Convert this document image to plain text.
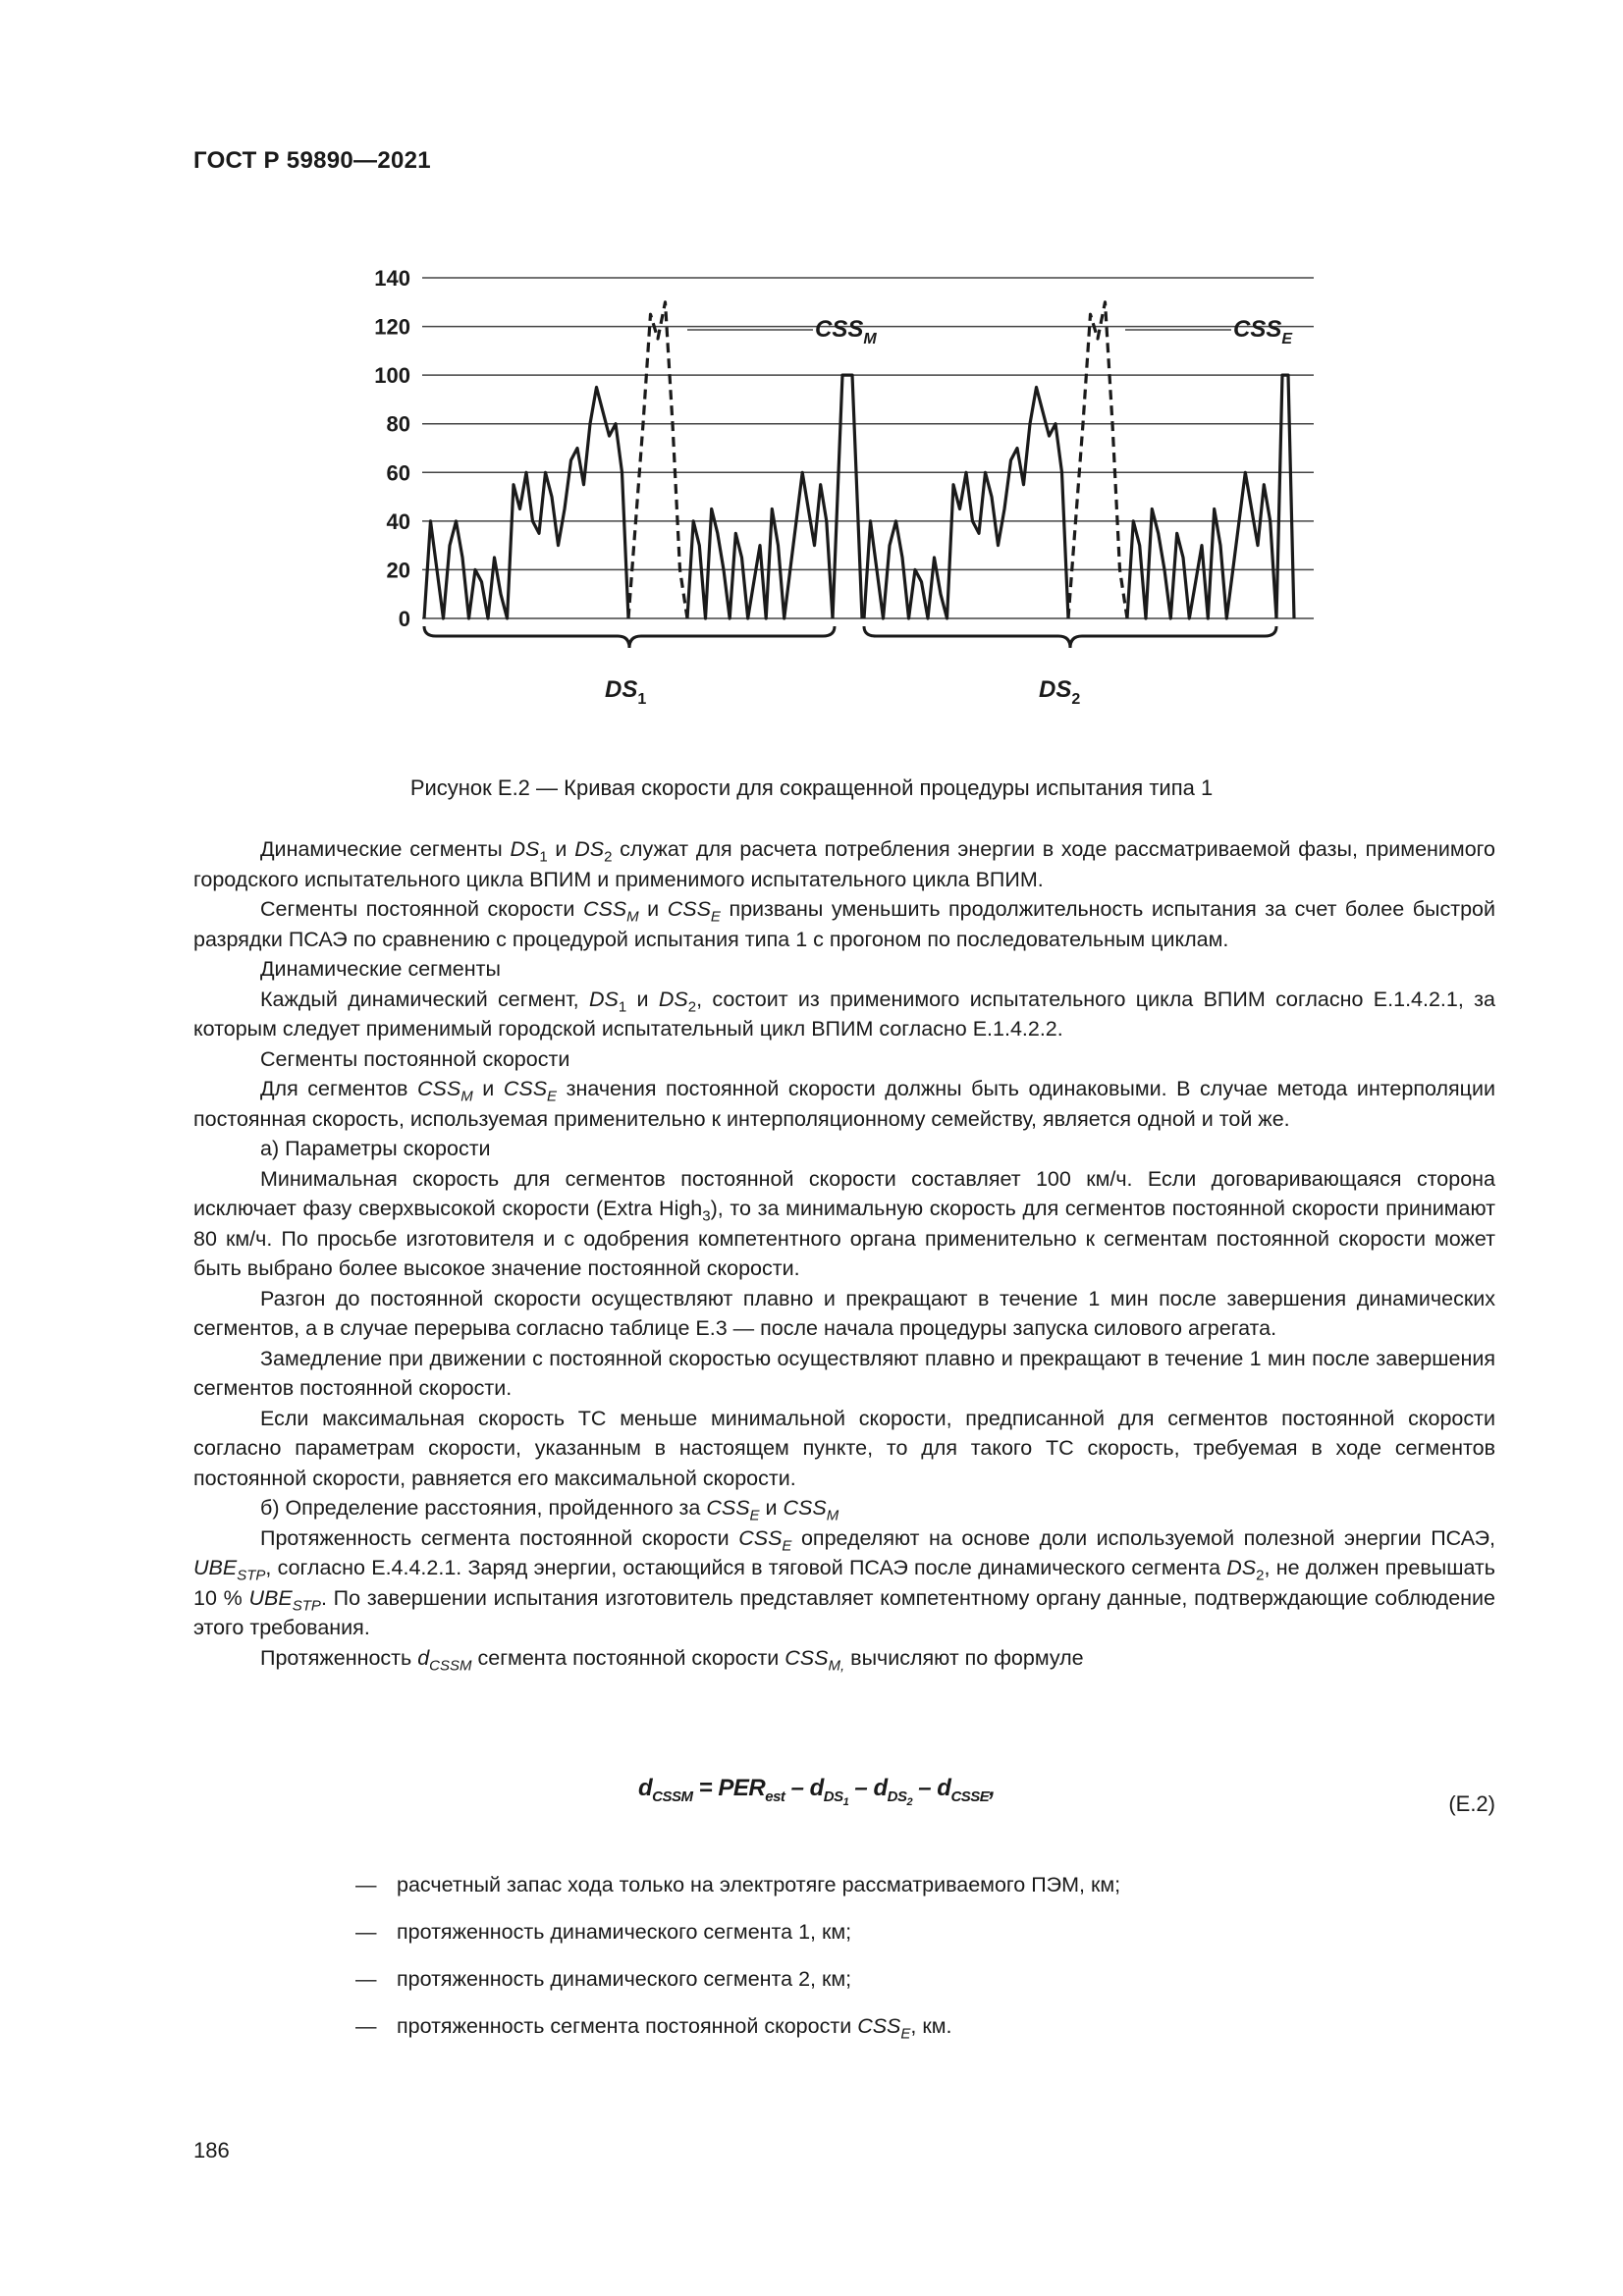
ГОСТ Р 59890—2021
0
20
40
60
80
100
120
140
$CSS_M$	$CSS_E$
$DS_1$	$DS_2$
Рисунок Е.2 — Кривая скорости для сокращенной процедуры испытания типа 1

Динамические сегменты $DS_1$ и $DS_2$ служат для расчета потребления энергии в ходе рассматриваемой фазы, применимого городского испытательного цикла ВПИМ и применимого испытательного цикла ВПИМ.

Сегменты постоянной скорости $CSS_M$ и $CSS_E$ призваны уменьшить продолжительность испытания за счет более быстрой разрядки ПСАЭ по сравнению с процедурой испытания типа 1 с прогоном по последовательным циклам.

Динамические сегменты

Каждый динамический сегмент, $DS_1$ и $DS_2$, состоит из применимого испытательного цикла ВПИМ согласно Е.1.4.2.1, за которым следует применимый городской испытательный цикл ВПИМ согласно Е.1.4.2.2.

Сегменты постоянной скорости

Для сегментов $CSS_M$ и $CSS_E$ значения постоянной скорости должны быть одинаковыми. В случае метода интерполяции постоянная скорость, используемая применительно к интерполяционному семейству, является одной и той же.

а) Параметры скорости

Минимальная скорость для сегментов постоянной скорости составляет 100 км/ч. Если договаривающаяся сторона исключает фазу сверхвысокой скорости (Extra High$_3$), то за минимальную скорость для сегментов постоянной скорости принимают 80 км/ч. По просьбе изготовителя и с одобрения компетентного органа применительно к сегментам постоянной скорости может быть выбрано более высокое значение постоянной скорости.

Разгон до постоянной скорости осуществляют плавно и прекращают в течение 1 мин после завершения динамических сегментов, а в случае перерыва согласно таблице Е.3 — после начала процедуры запуска силового агрегата.

Замедление при движении с постоянной скоростью осуществляют плавно и прекращают в течение 1 мин после завершения сегментов постоянной скорости.

Если максимальная скорость ТС меньше минимальной скорости, предписанной для сегментов постоянной скорости согласно параметрам скорости, указанным в настоящем пункте, то для такого ТС скорость, требуемая в ходе сегментов постоянной скорости, равняется его максимальной скорости.

б) Определение расстояния, пройденного за $CSS_E$ и $CSS_M$

Протяженность сегмента постоянной скорости $CSS_E$ определяют на основе доли используемой полезной энергии ПСАЭ, $UBE_{STP}$, согласно Е.4.4.2.1. Заряд энергии, остающийся в тяговой ПСАЭ после динамического сегмента $DS_2$, не должен превышать 10 % $UBE_{STP}$. По завершении испытания изготовитель представляет компетентному органу данные, подтверждающие соблюдение этого требования.

Протяженность $d_{CSSM}$ сегмента постоянной скорости $CSS_{M,}$ вычисляют по формуле

$d_{CSSM} = PER_{est} - d_{DS_1} - d_{DS_2} - d_{CSSE}$,
(Е.2)
— расчетный запас хода только на электротяге рассматриваемого ПЭМ, км;
— протяженность динамического сегмента 1, км;
— протяженность динамического сегмента 2, км;
— протяженность сегмента постоянной скорости $CSS_E$, км.
186
